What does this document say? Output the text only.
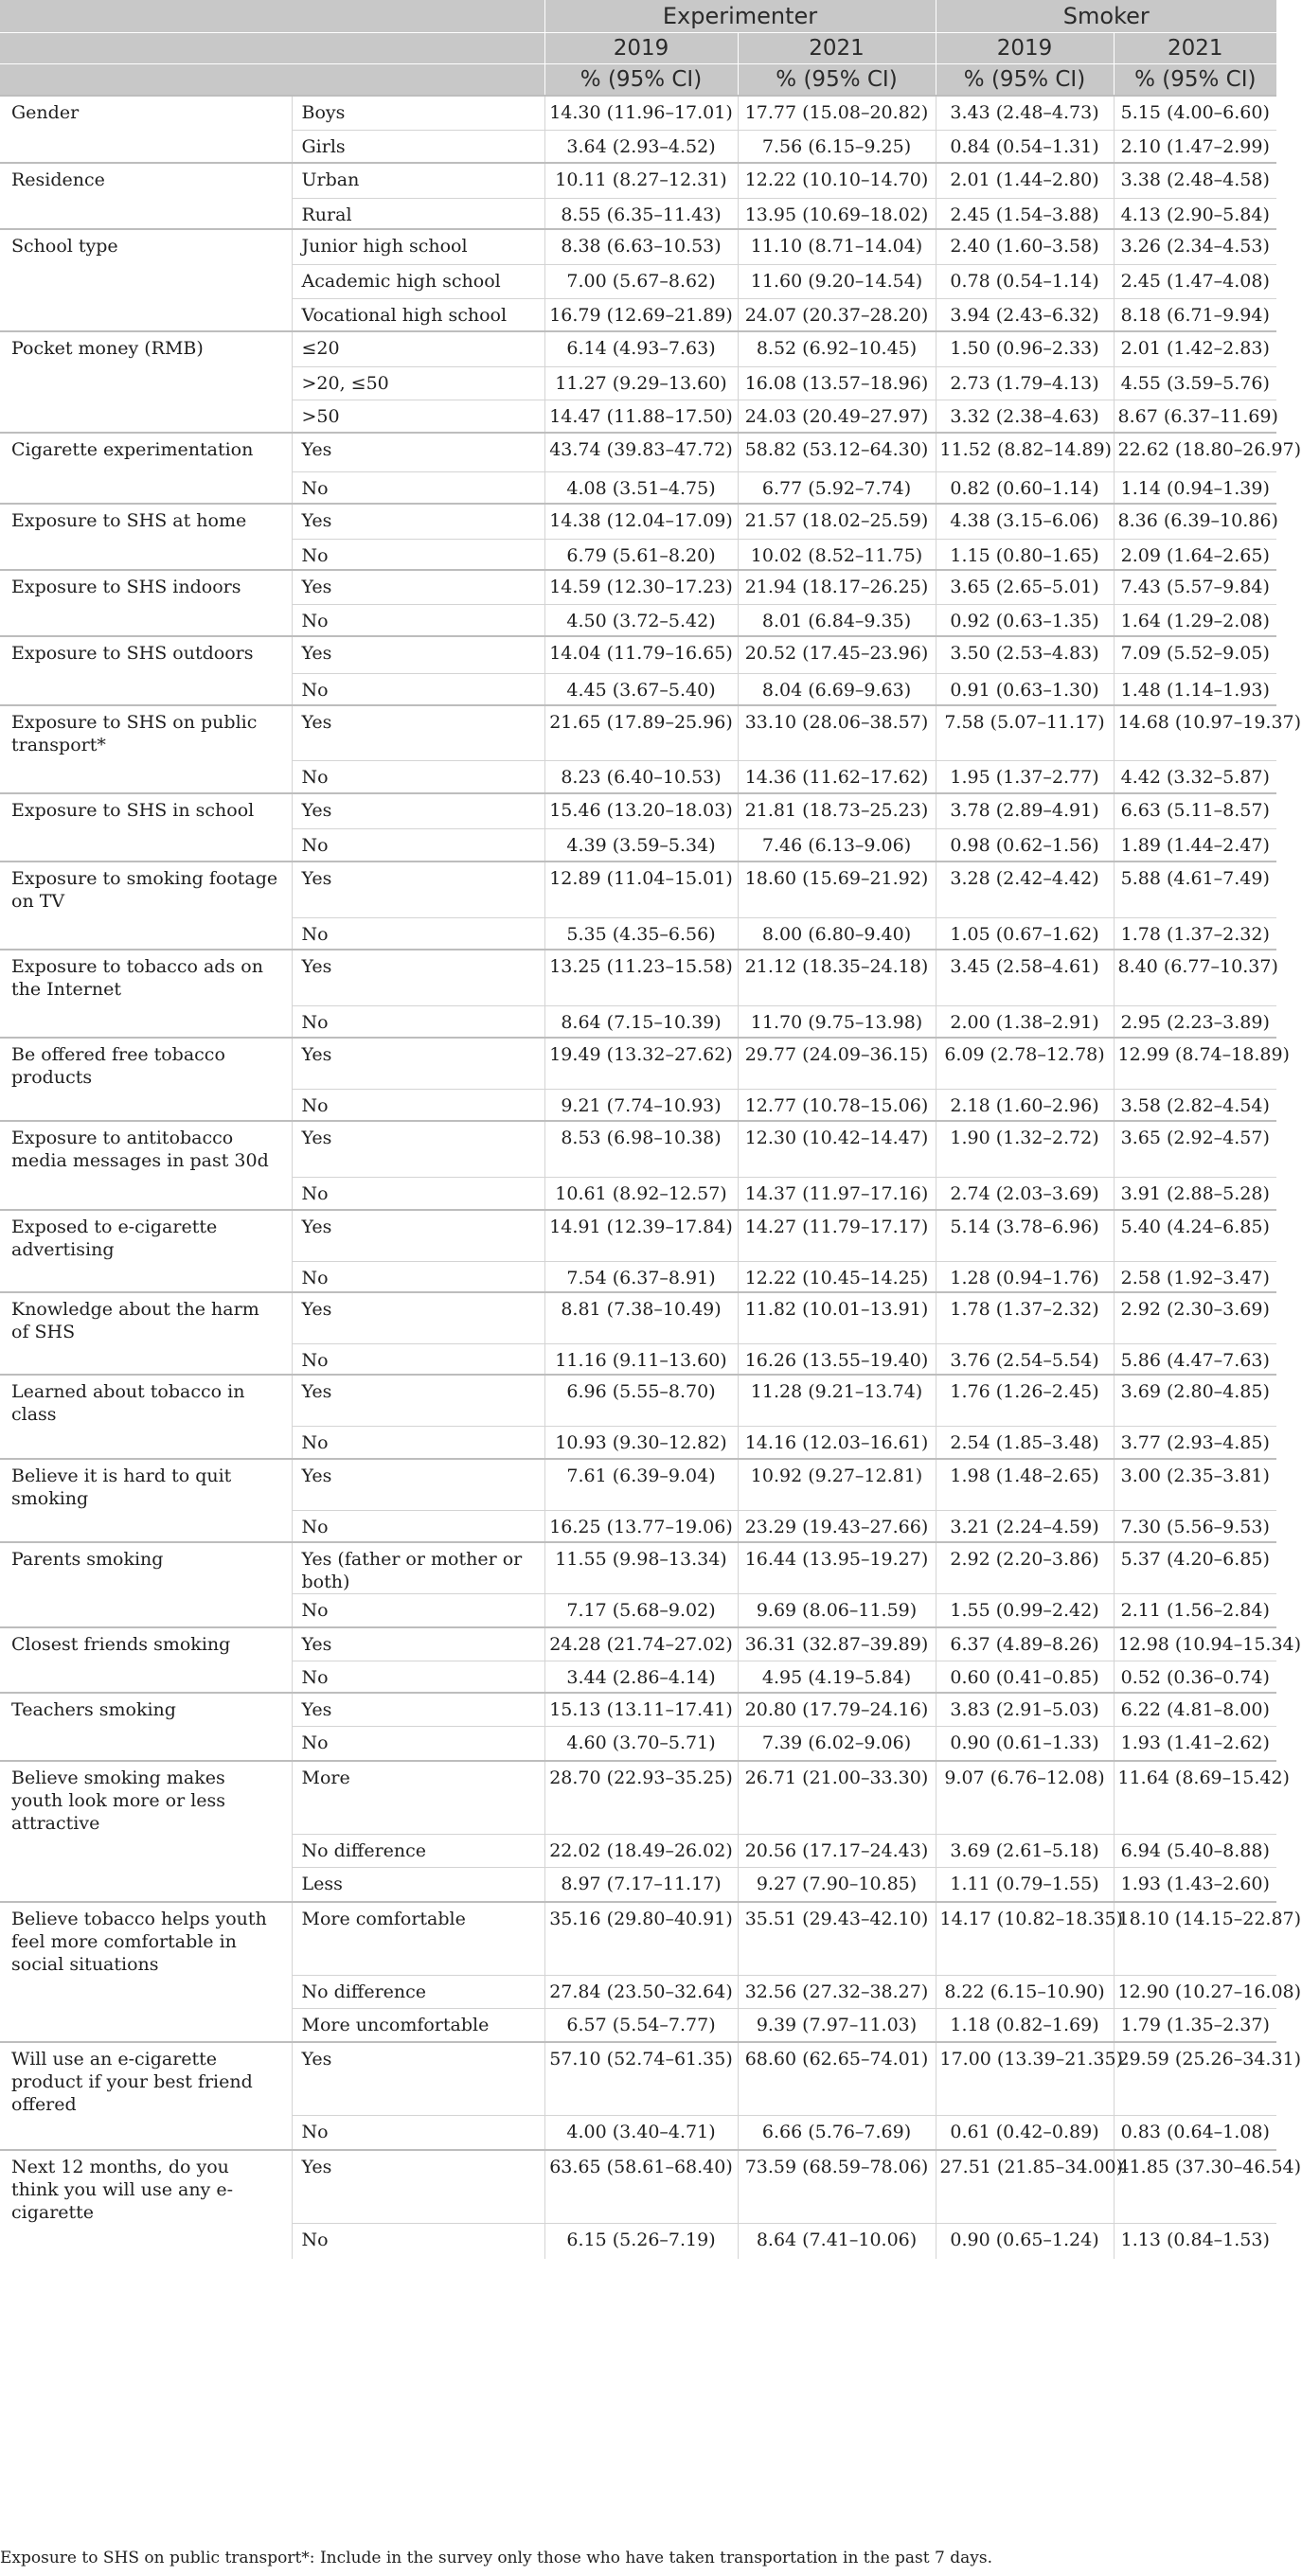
		Experimenter		Smoker	
		2019	2021	2019	2021
		% (95% CI)	% (95% CI)	% (95% CI)	% (95% CI)
Gender	Boys	14.30 (11.96–17.01)	17.77 (15.08–20.82)	3.43 (2.48–4.73)	5.15 (4.00–6.60)
	Girls	3.64 (2.93–4.52)	7.56 (6.15–9.25)	0.84 (0.54–1.31)	2.10 (1.47–2.99)
Residence	Urban	10.11 (8.27–12.31)	12.22 (10.10–14.70)	2.01 (1.44–2.80)	3.38 (2.48–4.58)
	Rural	8.55 (6.35–11.43)	13.95 (10.69–18.02)	2.45 (1.54–3.88)	4.13 (2.90–5.84)
School type	Junior high school	8.38 (6.63–10.53)	11.10 (8.71–14.04)	2.40 (1.60–3.58)	3.26 (2.34–4.53)
	Academic high school	7.00 (5.67–8.62)	11.60 (9.20–14.54)	0.78 (0.54–1.14)	2.45 (1.47–4.08)
	Vocational high school	16.79 (12.69–21.89)	24.07 (20.37–28.20)	3.94 (2.43–6.32)	8.18 (6.71–9.94)
Pocket money (RMB)	≤20	6.14 (4.93–7.63)	8.52 (6.92–10.45)	1.50 (0.96–2.33)	2.01 (1.42–2.83)
	>20, ≤50	11.27 (9.29–13.60)	16.08 (13.57–18.96)	2.73 (1.79–4.13)	4.55 (3.59–5.76)
	>50	14.47 (11.88–17.50)	24.03 (20.49–27.97)	3.32 (2.38–4.63)	8.67 (6.37–11.69)
Cigarette experimentation	Yes	43.74 (39.83–47.72)	58.82 (53.12–64.30)	11.52 (8.82–14.89)	22.62 (18.80–26.97)
	No	4.08 (3.51–4.75)	6.77 (5.92–7.74)	0.82 (0.60–1.14)	1.14 (0.94–1.39)
Exposure to SHS at home	Yes	14.38 (12.04–17.09)	21.57 (18.02–25.59)	4.38 (3.15–6.06)	8.36 (6.39–10.86)
	No	6.79 (5.61–8.20)	10.02 (8.52–11.75)	1.15 (0.80–1.65)	2.09 (1.64–2.65)
Exposure to SHS indoors	Yes	14.59 (12.30–17.23)	21.94 (18.17–26.25)	3.65 (2.65–5.01)	7.43 (5.57–9.84)
	No	4.50 (3.72–5.42)	8.01 (6.84–9.35)	0.92 (0.63–1.35)	1.64 (1.29–2.08)
Exposure to SHS outdoors	Yes	14.04 (11.79–16.65)	20.52 (17.45–23.96)	3.50 (2.53–4.83)	7.09 (5.52–9.05)
	No	4.45 (3.67–5.40)	8.04 (6.69–9.63)	0.91 (0.63–1.30)	1.48 (1.14–1.93)
Exposure to SHS on public transport*	Yes	21.65 (17.89–25.96)	33.10 (28.06–38.57)	7.58 (5.07–11.17)	14.68 (10.97–19.37)
	No	8.23 (6.40–10.53)	14.36 (11.62–17.62)	1.95 (1.37–2.77)	4.42 (3.32–5.87)
Exposure to SHS in school	Yes	15.46 (13.20–18.03)	21.81 (18.73–25.23)	3.78 (2.89–4.91)	6.63 (5.11–8.57)
	No	4.39 (3.59–5.34)	7.46 (6.13–9.06)	0.98 (0.62–1.56)	1.89 (1.44–2.47)
Exposure to smoking footage on TV	Yes	12.89 (11.04–15.01)	18.60 (15.69–21.92)	3.28 (2.42–4.42)	5.88 (4.61–7.49)
	No	5.35 (4.35–6.56)	8.00 (6.80–9.40)	1.05 (0.67–1.62)	1.78 (1.37–2.32)
Exposure to tobacco ads on the Internet	Yes	13.25 (11.23–15.58)	21.12 (18.35–24.18)	3.45 (2.58–4.61)	8.40 (6.77–10.37)
	No	8.64 (7.15–10.39)	11.70 (9.75–13.98)	2.00 (1.38–2.91)	2.95 (2.23–3.89)
Be offered free tobacco products	Yes	19.49 (13.32–27.62)	29.77 (24.09–36.15)	6.09 (2.78–12.78)	12.99 (8.74–18.89)
	No	9.21 (7.74–10.93)	12.77 (10.78–15.06)	2.18 (1.60–2.96)	3.58 (2.82–4.54)
Exposure to antitobacco media messages in past 30d	Yes	8.53 (6.98–10.38)	12.30 (10.42–14.47)	1.90 (1.32–2.72)	3.65 (2.92–4.57)
	No	10.61 (8.92–12.57)	14.37 (11.97–17.16)	2.74 (2.03–3.69)	3.91 (2.88–5.28)
Exposed to e-cigarette advertising	Yes	14.91 (12.39–17.84)	14.27 (11.79–17.17)	5.14 (3.78–6.96)	5.40 (4.24–6.85)
	No	7.54 (6.37–8.91)	12.22 (10.45–14.25)	1.28 (0.94–1.76)	2.58 (1.92–3.47)
Knowledge about the harm of SHS	Yes	8.81 (7.38–10.49)	11.82 (10.01–13.91)	1.78 (1.37–2.32)	2.92 (2.30–3.69)
	No	11.16 (9.11–13.60)	16.26 (13.55–19.40)	3.76 (2.54–5.54)	5.86 (4.47–7.63)
Learned about tobacco in class	Yes	6.96 (5.55–8.70)	11.28 (9.21–13.74)	1.76 (1.26–2.45)	3.69 (2.80–4.85)
	No	10.93 (9.30–12.82)	14.16 (12.03–16.61)	2.54 (1.85–3.48)	3.77 (2.93–4.85)
Believe it is hard to quit smoking	Yes	7.61 (6.39–9.04)	10.92 (9.27–12.81)	1.98 (1.48–2.65)	3.00 (2.35–3.81)
	No	16.25 (13.77–19.06)	23.29 (19.43–27.66)	3.21 (2.24–4.59)	7.30 (5.56–9.53)
Parents smoking	Yes (father or mother or both)	11.55 (9.98–13.34)	16.44 (13.95–19.27)	2.92 (2.20–3.86)	5.37 (4.20–6.85)
	No	7.17 (5.68–9.02)	9.69 (8.06–11.59)	1.55 (0.99–2.42)	2.11 (1.56–2.84)
Closest friends smoking	Yes	24.28 (21.74–27.02)	36.31 (32.87–39.89)	6.37 (4.89–8.26)	12.98 (10.94–15.34)
	No	3.44 (2.86–4.14)	4.95 (4.19–5.84)	0.60 (0.41–0.85)	0.52 (0.36–0.74)
Teachers smoking	Yes	15.13 (13.11–17.41)	20.80 (17.79–24.16)	3.83 (2.91–5.03)	6.22 (4.81–8.00)
	No	4.60 (3.70–5.71)	7.39 (6.02–9.06)	0.90 (0.61–1.33)	1.93 (1.41–2.62)
Believe smoking makes youth look more or less attractive	More	28.70 (22.93–35.25)	26.71 (21.00–33.30)	9.07 (6.76–12.08)	11.64 (8.69–15.42)
	No difference	22.02 (18.49–26.02)	20.56 (17.17–24.43)	3.69 (2.61–5.18)	6.94 (5.40–8.88)
	Less	8.97 (7.17–11.17)	9.27 (7.90–10.85)	1.11 (0.79–1.55)	1.93 (1.43–2.60)
Believe tobacco helps youth feel more comfortable in social situations	More comfortable	35.16 (29.80–40.91)	35.51 (29.43–42.10)	14.17 (10.82–18.35)	18.10 (14.15–22.87)
	No difference	27.84 (23.50–32.64)	32.56 (27.32–38.27)	8.22 (6.15–10.90)	12.90 (10.27–16.08)
	More uncomfortable	6.57 (5.54–7.77)	9.39 (7.97–11.03)	1.18 (0.82–1.69)	1.79 (1.35–2.37)
Will use an e-cigarette product if your best friend offered	Yes	57.10 (52.74–61.35)	68.60 (62.65–74.01)	17.00 (13.39–21.35)	29.59 (25.26–34.31)
	No	4.00 (3.40–4.71)	6.66 (5.76–7.69)	0.61 (0.42–0.89)	0.83 (0.64–1.08)
Next 12 months, do you think you will use any e-cigarette	Yes	63.65 (58.61–68.40)	73.59 (68.59–78.06)	27.51 (21.85–34.00)	41.85 (37.30–46.54)
	No	6.15 (5.26–7.19)	8.64 (7.41–10.06)	0.90 (0.65–1.24)	1.13 (0.84–1.53)
Exposure to SHS on public transport*: Include in the survey only those who have taken transportation in the past 7 days.
